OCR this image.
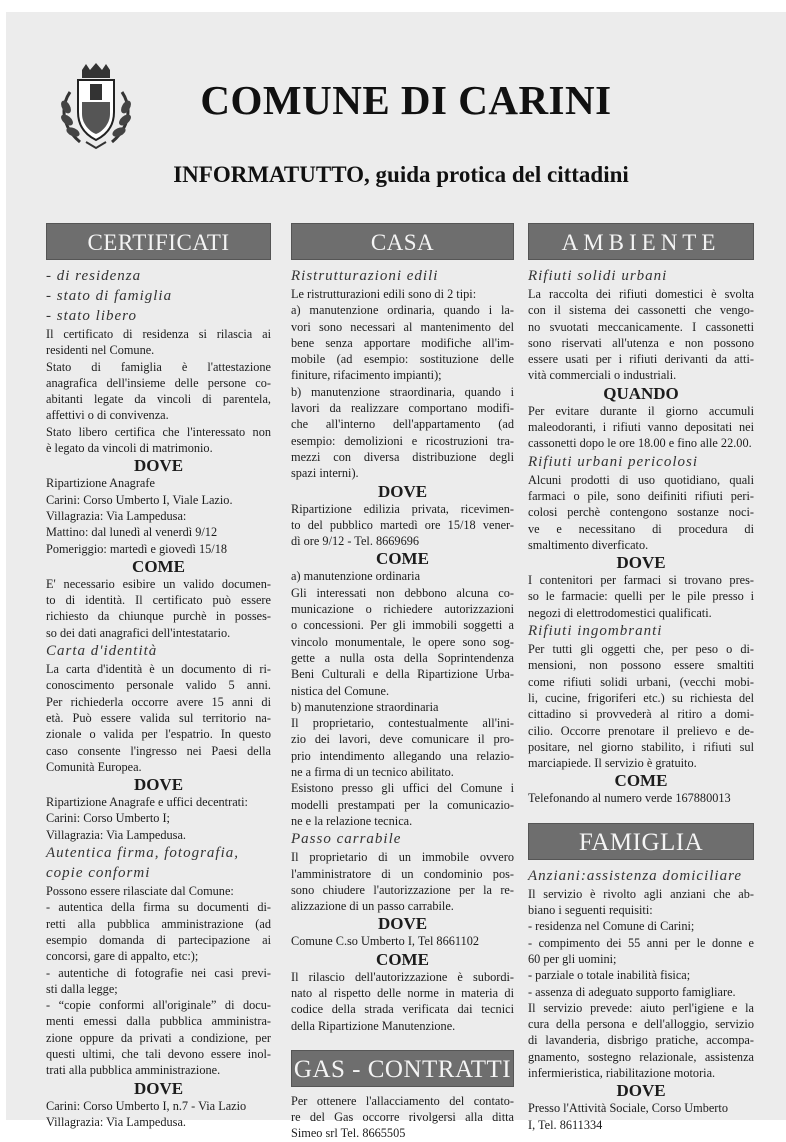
COMUNE DI CARINI
INFORMATUTTO, guida protica del cittadini
CERTIFICATI
- di residenza
- stato di famiglia
- stato libero
Il certificato di residenza si rilascia ai
residenti nel Comune.
Stato di famiglia è l'attestazione
anagrafica dell'insieme delle persone co-
abitanti legate da vincoli di parentela,
affettivi o di convivenza.
Stato libero certifica che l'interessato non
è legato da vincoli di matrimonio.
DOVE
Ripartizione Anagrafe
Carini: Corso Umberto I, Viale Lazio.
Villagrazia: Via Lampedusa:
Mattino: dal lunedì al venerdì 9/12
Pomeriggio: martedì e giovedì 15/18
COME
E' necessario esibire un valido documen-
to di identità. Il certificato può essere
richiesto da chiunque purchè in posses-
so dei dati anagrafici dell'intestatario.
Carta d'identità
La carta d'identità è un documento di ri-
conoscimento personale valido 5 anni.
Per richiederla occorre avere 15 anni di
età. Può essere valida sul territorio na-
zionale o valida per l'espatrio. In questo
caso consente l'ingresso nei Paesi della
Comunità Europea.
DOVE
Ripartizione Anagrafe e uffici decentrati:
Carini: Corso Umberto I;
Villagrazia: Via Lampedusa.
Autentica firma, fotografia,
copie conformi
Possono essere rilasciate dal Comune:
- autentica della firma su documenti di-
retti alla pubblica amministrazione (ad
esempio domanda di partecipazione ai
concorsi, gare di appalto, etc:);
- autentiche di fotografie nei casi previ-
sti dalla legge;
- “copie conformi all'originale” di docu-
menti emessi dalla pubblica amministra-
zione oppure da privati a condizione, per
questi ultimi, che tali devono essere inol-
trati alla pubblica amministrazione.
DOVE
Carini: Corso Umberto I, n.7 - Via Lazio
Villagrazia: Via Lampedusa.
CASA
Ristrutturazioni edili
Le ristrutturazioni edili sono di 2 tipi:
a) manutenzione ordinaria, quando i la-
vori sono necessari al mantenimento del
bene senza apportare modifiche all'im-
mobile (ad esempio: sostituzione delle
finiture, rifacimento impianti);
b) manutenzione straordinaria, quando i
lavori da realizzare comportano modifi-
che all'interno dell'appartamento (ad
esempio: demolizioni e ricostruzioni tra-
mezzi con diversa distribuzione degli
spazi interni).
DOVE
Ripartizione edilizia privata, ricevimen-
to del pubblico martedì ore 15/18 vener-
dì ore 9/12 - Tel. 8669696
COME
a) manutenzione ordinaria
Gli interessati non debbono alcuna co-
municazione o richiedere autorizzazioni
o concessioni. Per gli immobili soggetti a
vincolo monumentale, le opere sono sog-
gette a nulla osta della Soprintendenza
Beni Culturali e della Ripartizione Urba-
nistica del Comune.
b) manutenzione straordinaria
Il proprietario, contestualmente all'ini-
zio dei lavori, deve comunicare il pro-
prio intendimento allegando una relazio-
ne a firma di un tecnico abilitato.
Esistono presso gli uffici del Comune i
modelli prestampati per la comunicazio-
ne e la relazione tecnica.
Passo carrabile
Il proprietario di un immobile ovvero
l'amministratore di un condominio pos-
sono chiudere l'autorizzazione per la re-
alizzazione di un passo carrabile.
DOVE
Comune C.so Umberto I, Tel 8661102
COME
Il rilascio dell'autorizzazione è subordi-
nato al rispetto delle norme in materia di
codice della strada verificata dai tecnici
della Ripartizione Manutenzione.
GAS - CONTRATTI
Per ottenere l'allacciamento del contato-
re del Gas occorre rivolgersi alla ditta
Simeo srl Tel. 8665505
AMBIENTE
Rifiuti solidi urbani
La raccolta dei rifiuti domestici è svolta
con il sistema dei cassonetti che vengo-
no svuotati meccanicamente. I cassonetti
sono riservati all'utenza e non possono
essere usati per i rifiuti derivanti da atti-
vità commerciali o industriali.
QUANDO
Per evitare durante il giorno accumuli
maleodoranti, i rifiuti vanno depositati nei
cassonetti dopo le ore 18.00 e fino alle 22.00.
Rifiuti urbani pericolosi
Alcuni prodotti di uso quotidiano, quali
farmaci o pile, sono deifiniti rifiuti peri-
colosi perchè contengono sostanze noci-
ve e necessitano di procedura di
smaltimento diverficato.
DOVE
I contenitori per farmaci si trovano pres-
so le farmacie: quelli per le pile presso i
negozi di elettrodomestici qualificati.
Rifiuti ingombranti
Per tutti gli oggetti che, per peso o di-
mensioni, non possono essere smaltiti
come rifiuti solidi urbani, (vecchi mobi-
li, cucine, frigoriferi etc.) su richiesta del
cittadino si provvederà al ritiro a domi-
cilio. Occorre prenotare il prelievo e de-
positare, nel giorno stabilito, i rifiuti sul
marciapiede. Il servizio è gratuito.
COME
Telefonando al numero verde 167880013
FAMIGLIA
Anziani:assistenza domiciliare
Il servizio è rivolto agli anziani che ab-
biano i seguenti requisiti:
- residenza nel Comune di Carini;
- compimento dei 55 anni per le donne e
60 per gli uomini;
- parziale o totale inabilità fisica;
- assenza di adeguato supporto famigliare.
Il servizio prevede: aiuto perl'igiene e la
cura della persona e dell'alloggio, servizio
di lavanderia, disbrigo pratiche, accompa-
gnamento, sostegno relazionale, assistenza
infermieristica, riabilitazione motoria.
DOVE
Presso l'Attività Sociale, Corso Umberto
I, Tel. 8611334
